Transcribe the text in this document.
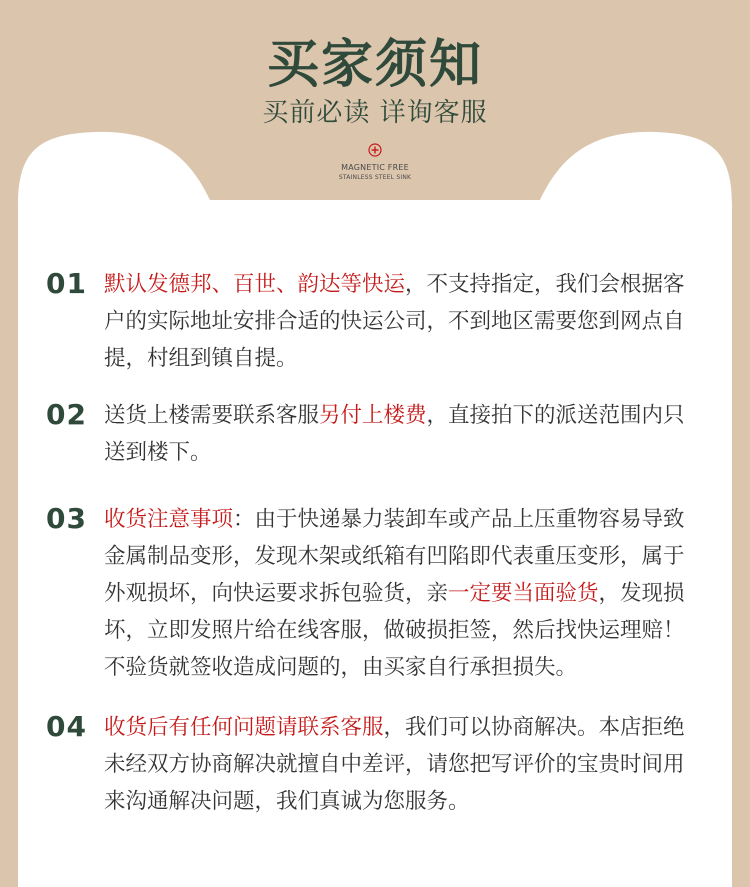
买家须知
买前必读 详询客服
MAGNETIC FREE
STAINLESS STEEL SINK
01 默认发德邦、百世、韵达等快运，不支持指定，我们会根据客户的实际地址安排合适的快运公司，不到地区需要您到网点自提，村组到镇自提。
02 送货上楼需要联系客服另付上楼费，直接拍下的派送范围内只送到楼下。
03 收货注意事项：由于快递暴力装卸车或产品上压重物容易导致金属制品变形，发现木架或纸箱有凹陷即代表重压变形，属于外观损坏，向快运要求拆包验货，亲一定要当面验货，发现损坏，立即发照片给在线客服，做破损拒签，然后找快运理赔！不验货就签收造成问题的，由买家自行承担损失。
04 收货后有任何问题请联系客服，我们可以协商解决。本店拒绝未经双方协商解决就擅自中差评，请您把写评价的宝贵时间用来沟通解决问题，我们真诚为您服务。
